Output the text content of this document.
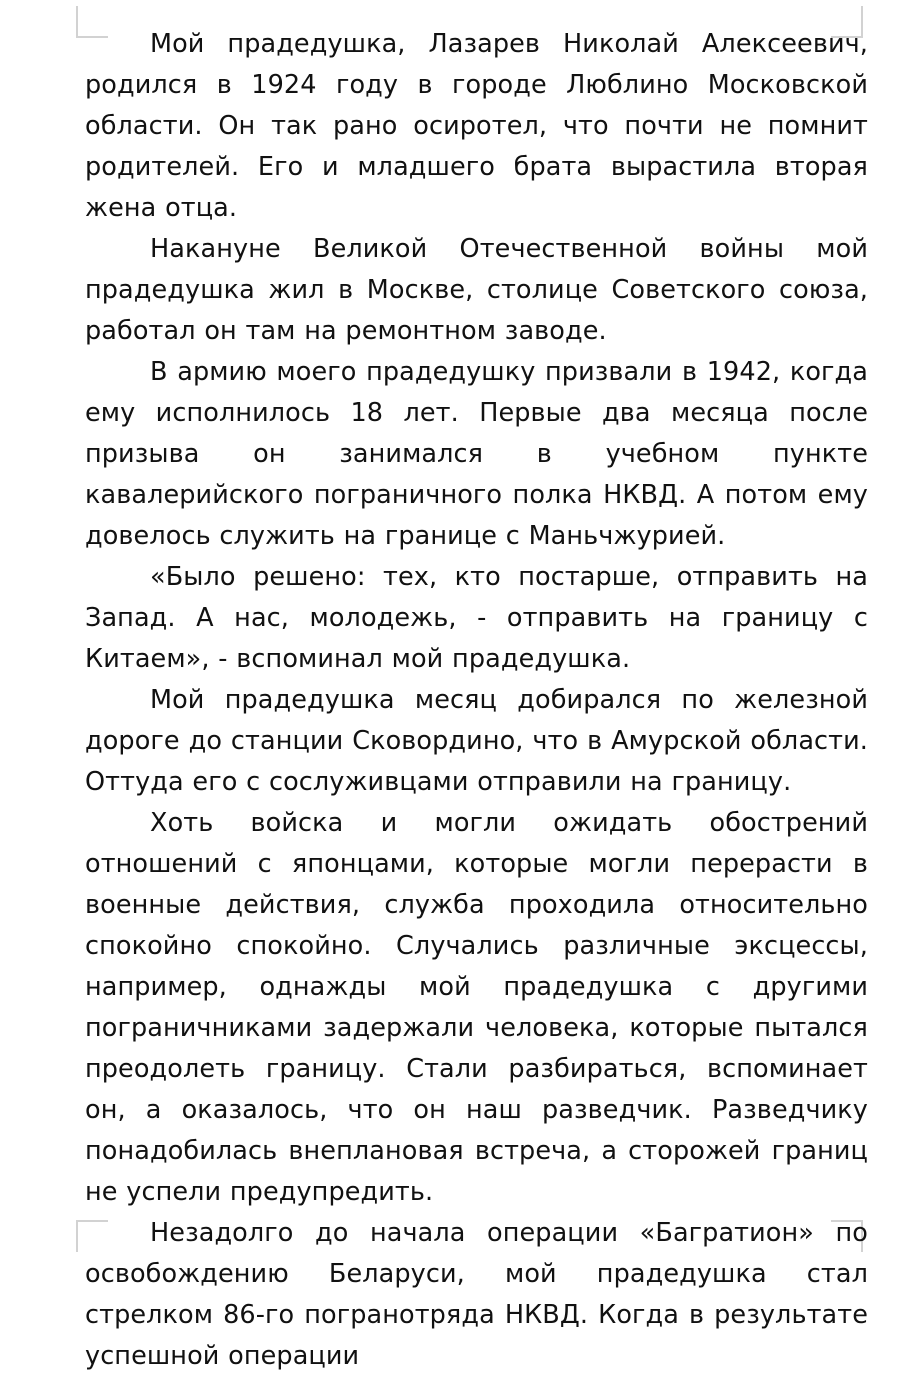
Мой прадедушка, Лазарев Николай Алексеевич, родился в 1924 году в городе Люблино Московской области. Он так рано осиротел, что почти не помнит родителей. Его и младшего брата вырастила вторая жена отца.

Накануне Великой Отечественной войны мой прадедушка жил в Москве, столице Советского союза, работал он там на ремонтном заводе.

В армию моего прадедушку призвали в 1942, когда ему исполнилось 18 лет. Первые два месяца после призыва он занимался в учебном пункте кавалерийского пограничного полка НКВД. А потом ему довелось служить на границе с Маньчжурией.

«Было решено: тех, кто постарше, отправить на Запад. А нас, молодежь, - отправить на границу с Китаем», - вспоминал мой прадедушка.

Мой прадедушка месяц добирался по железной дороге до станции Сковордино, что в Амурской области. Оттуда его с сослуживцами отправили на границу.

Хоть войска и могли ожидать обострений отношений с японцами, которые могли перерасти в военные действия, служба проходила относительно спокойно спокойно. Случались различные эксцессы, например, однажды мой прадедушка с другими пограничниками задержали человека, которые пытался преодолеть границу. Стали разбираться, вспоминает он, а оказалось, что он наш разведчик. Разведчику понадобилась внеплановая встреча, а сторожей границ не успели предупредить.

Незадолго до начала операции «Багратион» по освобождению Беларуси, мой прадедушка стал стрелком 86-го погранотряда НКВД. Когда в результате успешной операции
